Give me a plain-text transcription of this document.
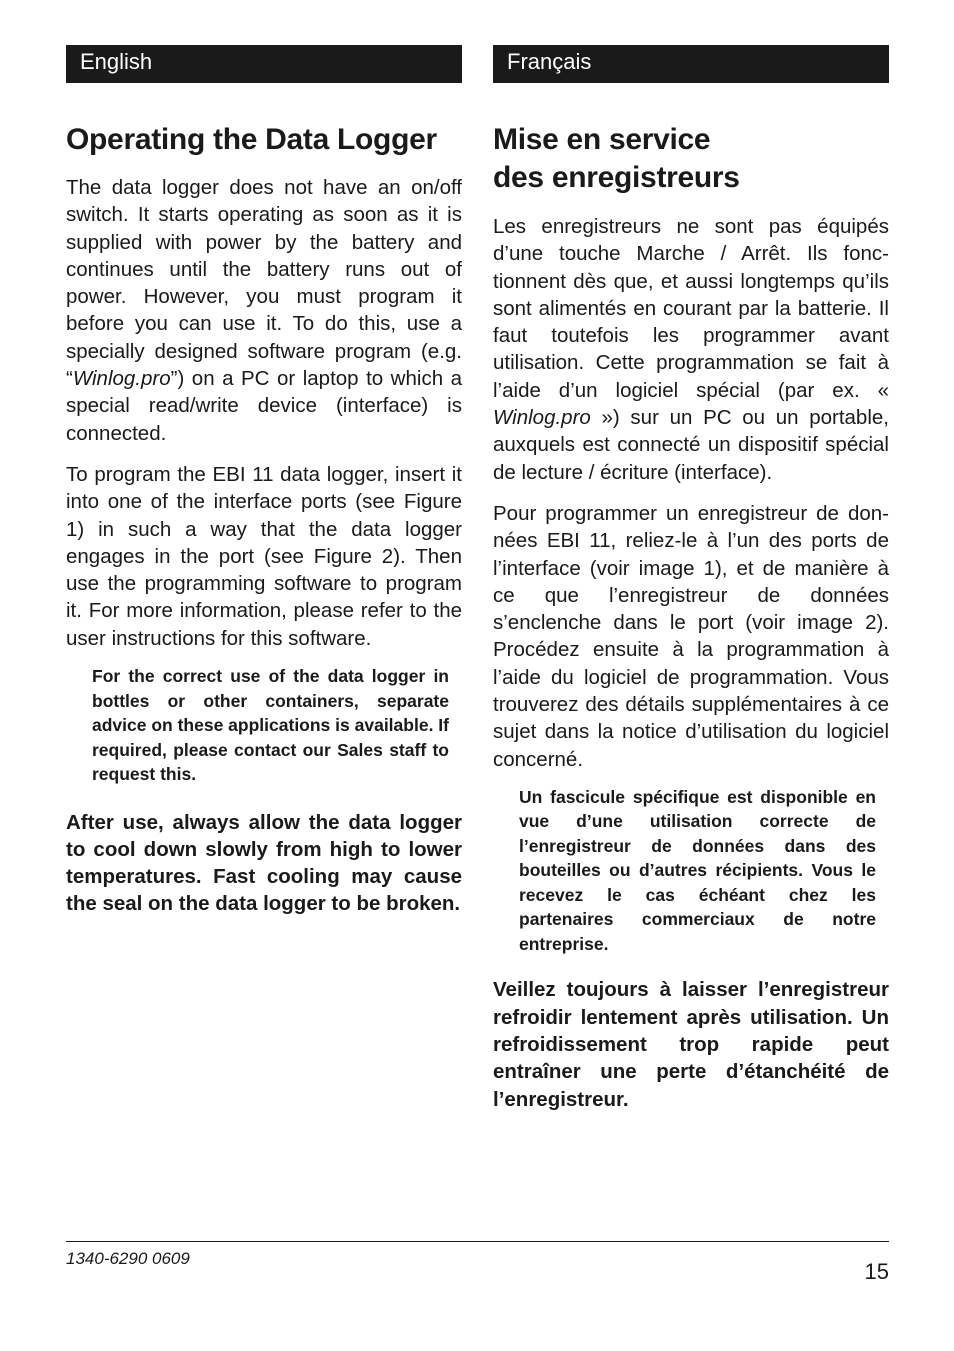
English
Operating the Data Logger

The data logger does not have an on/off switch. It starts operating as soon as it is supplied with power by the battery and continues until the battery runs out of power. However, you must program it before you can use it. To do this, use a specially designed software program (e.g. “Winlog.pro”) on a PC or laptop to which a special read/write device (interface) is connected.

To program the EBI 11 data logger, insert it into one of the interface ports (see Figure 1) in such a way that the data logger engages in the port (see Figure 2). Then use the programming software to program it. For more information, please refer to the user instructions for this software.

For the correct use of the data logger in bottles or other containers, separate advice on these applications is available. If required, please contact our Sales staff to request this.

After use, always allow the data logger to cool down slowly from high to lower temperatures. Fast cooling may cause the seal on the data logger to be broken.

Français
Mise en service
des enregistreurs

Les enregistreurs ne sont pas équipés d’une touche Marche / Arrêt. Ils fonctionnent dès que, et aussi longtemps qu’ils sont alimentés en courant par la batterie. Il faut toutefois les programmer avant utilisation. Cette programmation se fait à l’aide d’un logiciel spécial (par ex. « Winlog.pro ») sur un PC ou un portable, auxquels est connecté un dispositif spécial de lecture / écriture (interface).

Pour programmer un enregistreur de données EBI 11, reliez-le à l’un des ports de l’interface (voir image 1), et de manière à ce que l’enregistreur de données s’enclenche dans le port (voir image 2). Procédez ensuite à la programmation à l’aide du logiciel de programmation. Vous trouverez des détails supplémentaires à ce sujet dans la notice d’utilisation du logiciel concerné.

Un fascicule spécifique est disponible en vue d’une utilisation correcte de l’enregistreur de données dans des bouteilles ou d’autres récipients. Vous le recevez le cas échéant chez les partenaires commerciaux de notre entreprise.

Veillez toujours à laisser l’enregistreur refroidir lentement après utilisation. Un refroidissement trop rapide peut entraîner une perte d’étanchéité de l’enregistreur.

1340-6290 0609
15
